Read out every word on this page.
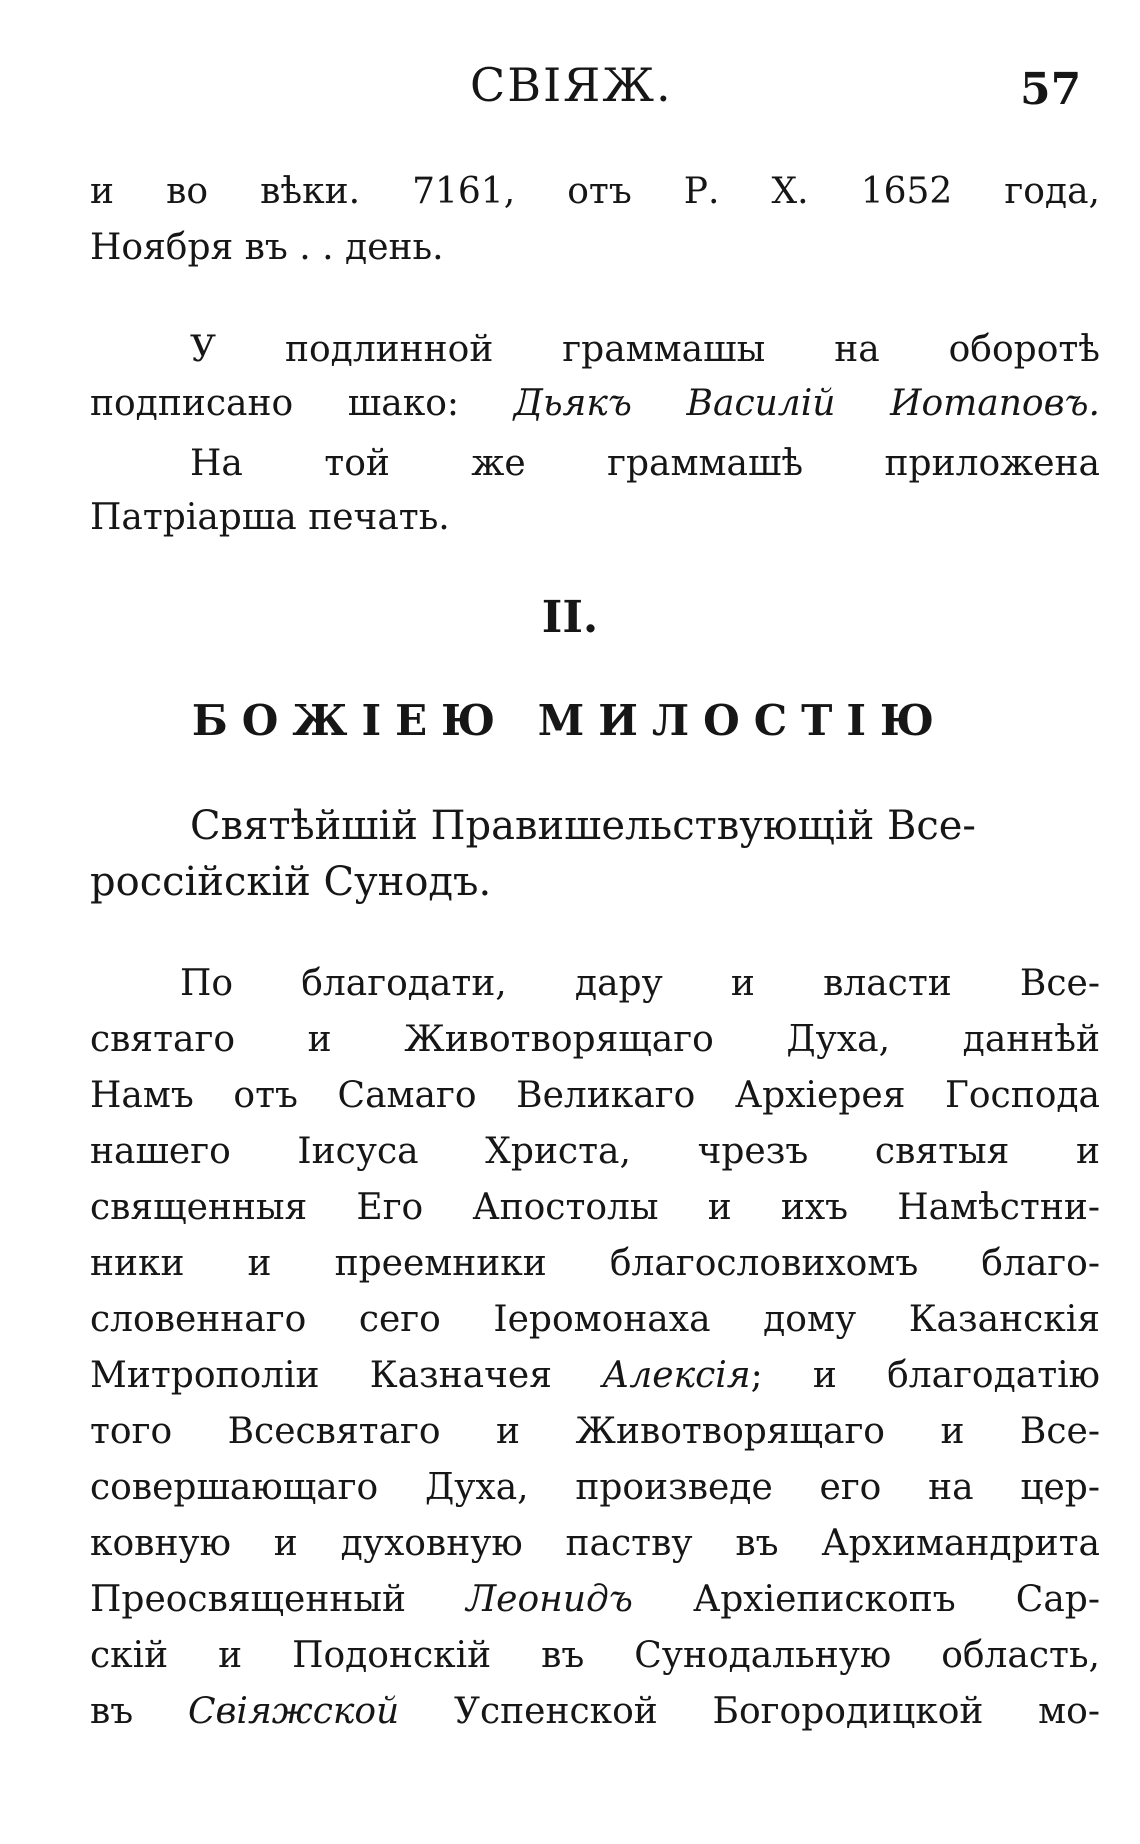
СВІЯЖ.	57
и во вѣки. 7161, отъ Р. Х. 1652 года,
Ноября въ . . день.
У подлинной граммашы на оборотѣ
подписано шако: Дьякъ Василій Иотаповъ.
На той же граммашѣ приложена
Патріарша печать.
II.
БОЖІЕЮ МИЛОСТІЮ
Святѣйшій Правишельствующій Все-
россійскій Сунодъ.
По благодати, дару и власти Все-
святаго и Животворящаго Духа, даннѣй
Намъ отъ Самаго Великаго Архіерея Господа
нашего Іисуса Христа, чрезъ святыя и
священныя Его Апостолы и ихъ Намѣстни-
ники и преемники благословихомъ благо-
словеннаго сего Іеромонаха дому Казанскія
Митрополіи Казначея Алексія; и благодатію
того Всесвятаго и Животворящаго и Все-
совершающаго Духа, произведе его на цер-
ковную и духовную паству въ Архимандрита
Преосвященный Леонидъ Архіепископъ Сар-
скій и Подонскій въ Сунодальную область,
въ Свіяжской Успенской Богородицкой мо-
